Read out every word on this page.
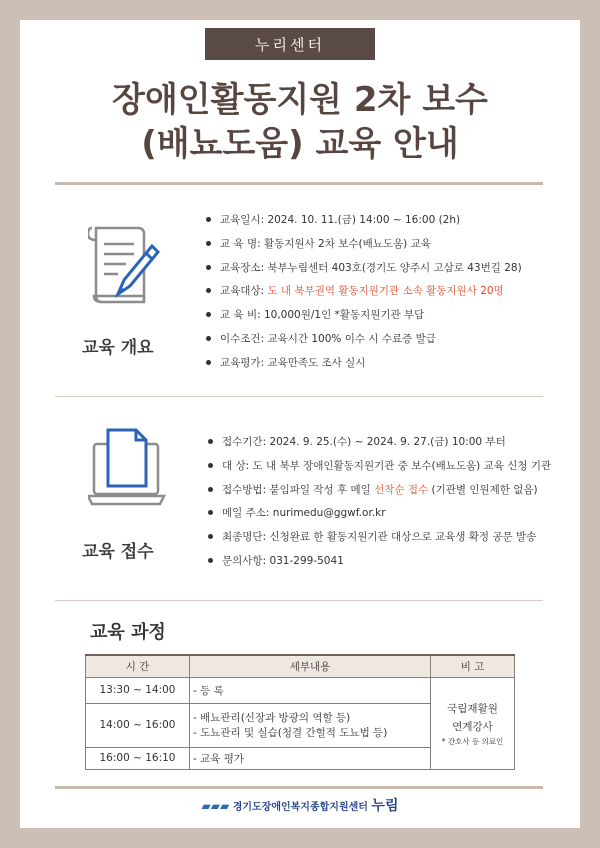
누리센터
장애인활동지원 2차 보수
(배뇨도움) 교육 안내
교육 개요
교육일시: 2024. 10. 11.(금) 14:00 ~ 16:00 (2h)
교 육 명: 활동지원사 2차 보수(배뇨도움) 교육
교육장소: 북부누림센터 403호(경기도 양주시 고삼로 43번길 28)
교육대상: 도 내 북부권역 활동지원기관 소속 활동지원사 20명
교 육 비: 10,000원/1인 *활동지원기관 부담
이수조건: 교육시간 100% 이수 시 수료증 발급
교육평가: 교육만족도 조사 실시
교육 접수
접수기간: 2024. 9. 25.(수) ~ 2024. 9. 27.(금) 10:00 부터
대 상: 도 내 북부 장애인활동지원기관 중 보수(배뇨도움) 교육 신청 기관
접수방법: 붙임파일 작성 후 메일 선착순 접수 (기관별 인원제한 없음)
메일 주소: nurimedu@ggwf.or.kr
최종명단: 신청완료 한 활동지원기관 대상으로 교육생 확정 공문 발송
문의사항: 031-299-5041
교육 과정
시 간	세부내용	비 고
13:30 ~ 14:00	- 등 록	국립재활원
연계강사
* 간호사 등 의료인

14:00 ~ 16:00	- 배뇨관리(신장과 방광의 역할 등)
- 도뇨관리 및 실습(청결 간헐적 도뇨법 등)	

16:00 ~ 16:10	- 교육 평가	
▰▰▰ 경기도장애인복지종합지원센터 누림
